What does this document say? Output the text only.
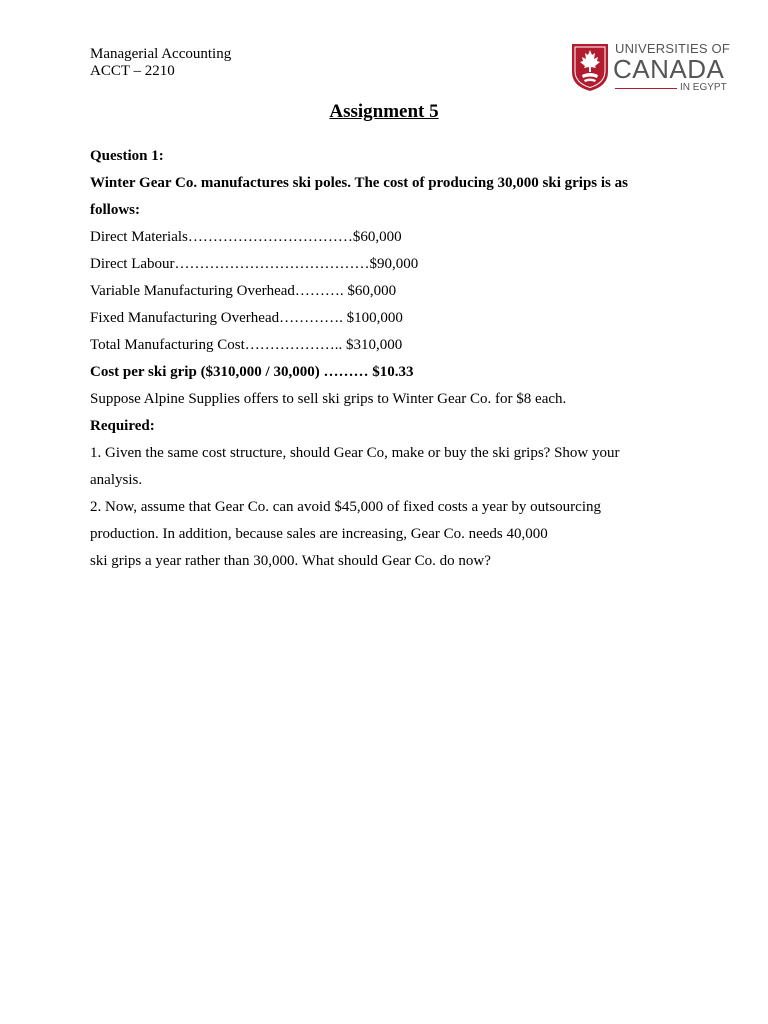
Managerial Accounting
ACCT – 2210
UNIVERSITIES OF
CANADA
IN EGYPT
Assignment 5
Question 1:
Winter Gear Co. manufactures ski poles. The cost of producing 30,000 ski grips is as
follows:
Direct Materials……………………………$60,000
Direct Labour…………………………………$90,000
Variable Manufacturing Overhead………. $60,000
Fixed Manufacturing Overhead…………. $100,000
Total Manufacturing Cost……………….. $310,000
Cost per ski grip ($310,000 / 30,000) ……… $10.33
Suppose Alpine Supplies offers to sell ski grips to Winter Gear Co. for $8 each.
Required:
1. Given the same cost structure, should Gear Co, make or buy the ski grips? Show your
analysis.
2. Now, assume that Gear Co. can avoid $45,000 of fixed costs a year by outsourcing
production. In addition, because sales are increasing, Gear Co. needs 40,000
ski grips a year rather than 30,000. What should Gear Co. do now?
